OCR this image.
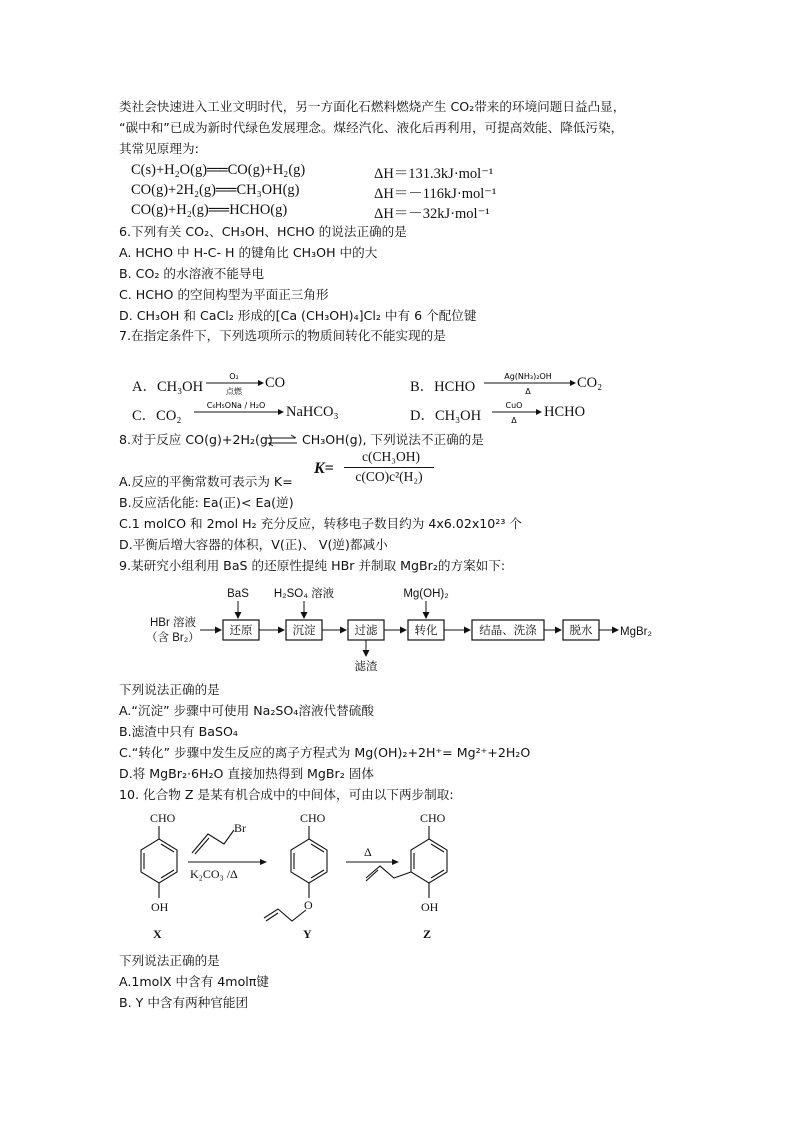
类社会快速进入工业文明时代，另一方面化石燃料燃烧产生 CO₂带来的环境问题日益凸显，
“碳中和”已成为新时代绿色发展理念。煤经汽化、液化后再利用，可提高效能、降低污染，
其常见原理为:
C(s)+H₂O(g)══CO(g)+H₂(g)	ΔH＝131.3kJ·mol⁻¹
CO(g)+2H₂(g)══CH₃OH(g)	ΔH＝－116kJ·mol⁻¹
CO(g)+H₂(g)══HCHO(g)	ΔH＝－32kJ·mol⁻¹
6.下列有关 CO₂、CH₃OH、HCHO 的说法正确的是
A. HCHO 中 H-C- H 的键角比 CH₃OH 中的大
B. CO₂ 的水溶液不能导电
C. HCHO 的空间构型为平面正三角形
D. CH₃OH 和 CaCl₂ 形成的[Ca (CH₃OH)₄]Cl₂ 中有 6 个配位键
7.在指定条件下，下列选项所示的物质间转化不能实现的是
A．CH₃OH
O₂
点燃
CO	B．HCHO
Ag(NH₃)₂OH
Δ
CO₂
C．CO₂
C₆H₅ONa / H₂O NaHCO₃	D．CH₃OH
CuO
Δ
HCHO
8.对于反应 CO(g)+2H₂(g) ⇌ CH₃OH(g), 下列说法不正确的是
A.反应的平衡常数可表示为 K=
K=
c(CH₃OH)
c(CO)c²(H₂)
B.反应活化能: Ea(正)< Ea(逆)
C.1 molCO 和 2mol H₂ 充分反应，转移电子数目约为 4x6.02x10²³ 个
D.平衡后增大容器的体积，V(正)、 V(逆)都减小
9.某研究小组利用 BaS 的还原性提纯 HBr 并制取 MgBr₂的方案如下:
HBr 溶液
（含 Br₂）
还原	沉淀	过滤	转化	结晶、洗涤	脱水 MgBr₂
BaS H₂SO₄ 溶液	Mg(OH)₂
滤渣
下列说法正确的是
A.“沉淀” 步骤中可使用 Na₂SO₄溶液代替硫酸
B.滤渣中只有 BaSO₄
C.“转化” 步骤中发生反应的离子方程式为 Mg(OH)₂+2H⁺= Mg²⁺+2H₂O
D.将 MgBr₂·6H₂O 直接加热得到 MgBr₂ 固体
10. 化合物 Z 是某有机合成中的中间体，可由以下两步制取:
CHO
OH
X
Br
K₂CO₃ /Δ
CHO
O
Y
Δ
CHO
OH
Z
下列说法正确的是
A.1molX 中含有 4molπ键
B. Y 中含有两种官能团
